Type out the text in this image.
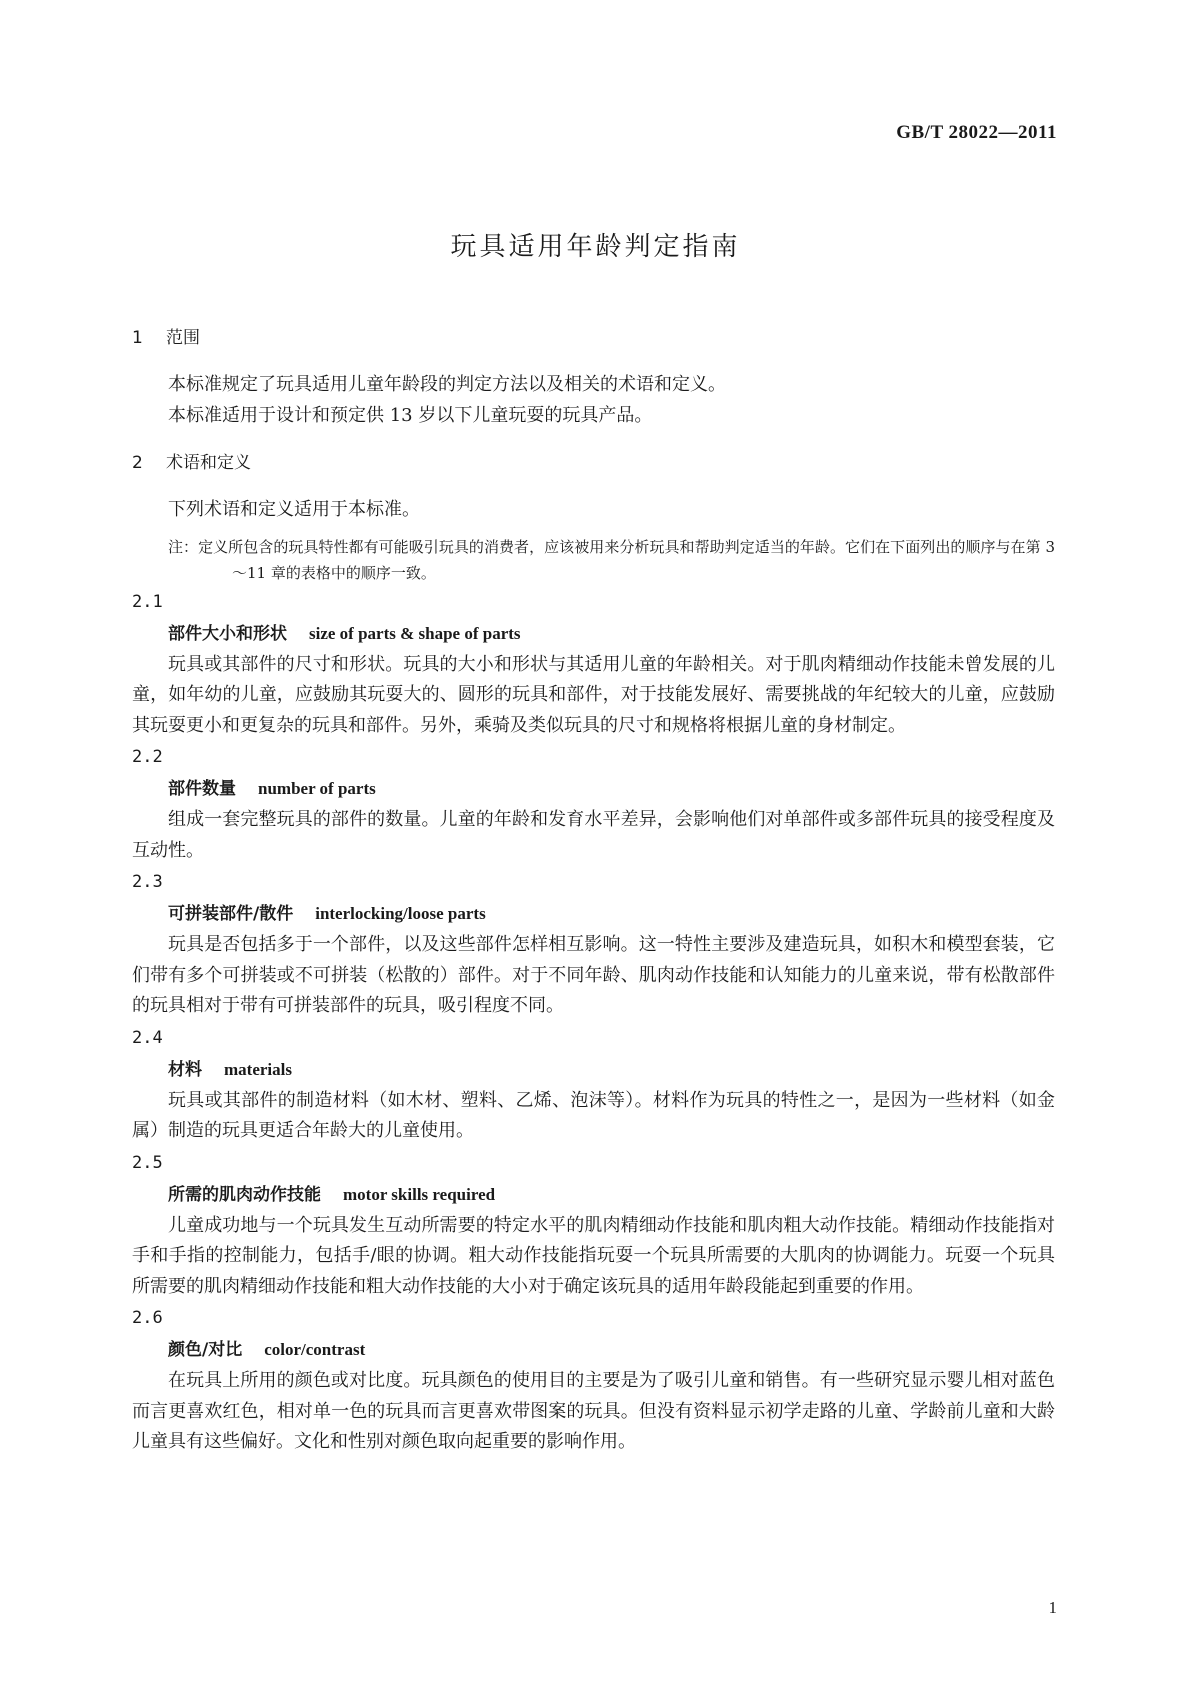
GB/T 28022—2011
玩具适用年龄判定指南
1 范围

本标准规定了玩具适用儿童年龄段的判定方法以及相关的术语和定义。

本标准适用于设计和预定供 13 岁以下儿童玩耍的玩具产品。

2 术语和定义

下列术语和定义适用于本标准。

注：定义所包含的玩具特性都有可能吸引玩具的消费者，应该被用来分析玩具和帮助判定适当的年龄。它们在下面列出的顺序与在第 3～11 章的表格中的顺序一致。

2.1

部件大小和形状 size of parts & shape of parts

玩具或其部件的尺寸和形状。玩具的大小和形状与其适用儿童的年龄相关。对于肌肉精细动作技能未曾发展的儿童，如年幼的儿童，应鼓励其玩耍大的、圆形的玩具和部件，对于技能发展好、需要挑战的年纪较大的儿童，应鼓励其玩耍更小和更复杂的玩具和部件。另外，乘骑及类似玩具的尺寸和规格将根据儿童的身材制定。

2.2

部件数量 number of parts

组成一套完整玩具的部件的数量。儿童的年龄和发育水平差异，会影响他们对单部件或多部件玩具的接受程度及互动性。

2.3

可拼装部件/散件 interlocking/loose parts

玩具是否包括多于一个部件，以及这些部件怎样相互影响。这一特性主要涉及建造玩具，如积木和模型套装，它们带有多个可拼装或不可拼装（松散的）部件。对于不同年龄、肌肉动作技能和认知能力的儿童来说，带有松散部件的玩具相对于带有可拼装部件的玩具，吸引程度不同。

2.4

材料 materials

玩具或其部件的制造材料（如木材、塑料、乙烯、泡沫等）。材料作为玩具的特性之一，是因为一些材料（如金属）制造的玩具更适合年龄大的儿童使用。

2.5

所需的肌肉动作技能 motor skills required

儿童成功地与一个玩具发生互动所需要的特定水平的肌肉精细动作技能和肌肉粗大动作技能。精细动作技能指对手和手指的控制能力，包括手/眼的协调。粗大动作技能指玩耍一个玩具所需要的大肌肉的协调能力。玩耍一个玩具所需要的肌肉精细动作技能和粗大动作技能的大小对于确定该玩具的适用年龄段能起到重要的作用。

2.6

颜色/对比 color/contrast

在玩具上所用的颜色或对比度。玩具颜色的使用目的主要是为了吸引儿童和销售。有一些研究显示婴儿相对蓝色而言更喜欢红色，相对单一色的玩具而言更喜欢带图案的玩具。但没有资料显示初学走路的儿童、学龄前儿童和大龄儿童具有这些偏好。文化和性别对颜色取向起重要的影响作用。

1
